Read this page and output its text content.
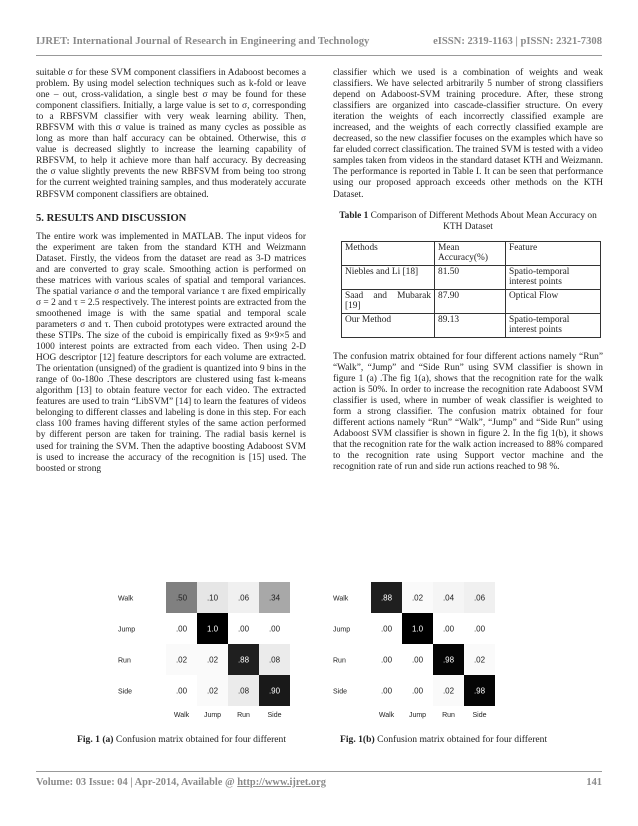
IJRET: International Journal of Research in Engineering and Technology	eISSN: 2319-1163 | pISSN: 2321-7308

suitable σ for these SVM component classifiers in Adaboost becomes a problem. By using model selection techniques such as k-fold or leave one – out, cross-validation, a single best σ may be found for these component classifiers. Initially, a large value is set to σ, corresponding to a RBFSVM classifier with very weak learning ability. Then, RBFSVM with this σ value is trained as many cycles as possible as long as more than half accuracy can be obtained. Otherwise, this σ value is decreased slightly to increase the learning capability of RBFSVM, to help it achieve more than half accuracy. By decreasing the σ value slightly prevents the new RBFSVM from being too strong for the current weighted training samples, and thus moderately accurate RBFSVM component classifiers are obtained.

5. RESULTS AND DISCUSSION

The entire work was implemented in MATLAB. The input videos for the experiment are taken from the standard KTH and Weizmann Dataset. Firstly, the videos from the dataset are read as 3-D matrices and are converted to gray scale. Smoothing action is performed on these matrices with various scales of spatial and temporal variances. The spatial variance σ and the temporal variance τ are fixed empirically σ = 2 and τ = 2.5 respectively. The interest points are extracted from the smoothened image is with the same spatial and temporal scale parameters σ and τ. Then cuboid prototypes were extracted around the these STIPs. The size of the cuboid is empirically fixed as 9×9×5 and 1000 interest points are extracted from each video. Then using 2-D HOG descriptor [12] feature descriptors for each volume are extracted. The orientation (unsigned) of the gradient is quantized into 9 bins in the range of 0o-180o .These descriptors are clustered using fast k-means algorithm [13] to obtain feature vector for each video. The extracted features are used to train “LibSVM” [14] to learn the features of videos belonging to different classes and labeling is done in this step. For each class 100 frames having different styles of the same action performed by different person are taken for training. The radial basis kernel is used for training the SVM. Then the adaptive boosting Adaboost SVM is used to increase the accuracy of the recognition is [15] used. The boosted or strong

classifier which we used is a combination of weights and weak classifiers. We have selected arbitrarily 5 number of strong classifiers depend on Adaboost-SVM training procedure. After, these strong classifiers are organized into cascade-classifier structure. On every iteration the weights of each incorrectly classified example are increased, and the weights of each correctly classified example are decreased, so the new classifier focuses on the examples which have so far eluded correct classification. The trained SVM is tested with a video samples taken from videos in the standard dataset KTH and Weizmann. The performance is reported in Table I. It can be seen that performance using our proposed approach exceeds other methods on the KTH Dataset.

Table 1 Comparison of Different Methods About Mean Accuracy on KTH Dataset
Methods	Mean Accuracy(%)	Feature
Niebles and Li [18]	81.50	Spatio-temporal interest points
Saad and Mubarak [19]	87.90	Optical Flow
Our Method	89.13	Spatio-temporal interest points

The confusion matrix obtained for four different actions namely “Run” “Walk”, “Jump” and “Side Run” using SVM classifier is shown in figure 1 (a) .The fig 1(a), shows that the recognition rate for the walk action is 50%. In order to increase the recognition rate Adaboost SVM classifier is used, where in number of weak classifier is weighted to form a strong classifier. The confusion matrix obtained for four different actions namely “Run” “Walk”, “Jump” and “Side Run” using Adaboost SVM classifier is shown in figure 2. In the fig 1(b), it shows that the recognition rate for the walk action increased to 88% compared to the recognition rate using Support vector machine and the recognition rate of run and side run actions reached to 98 %.

Walk	.50 .10 .06 .34
Jump	.00 1.0 .00 .00
Run	.02 .02 .88 .08
Side	.00 .02 .08 .90
Walk Jump Run	Side
Walk	.88 .02 .04 .06
Jump	.00 1.0 .00 .00
Run	.00 .00 .98 .02
Side	.00 .00 .02 .98
Walk Jump Run	Side
Fig. 1 (a) Confusion matrix obtained for four different	Fig. 1(b) Confusion matrix obtained for four different
Volume: 03 Issue: 04 | Apr-2014, Available @ http://www.ijret.org	141
